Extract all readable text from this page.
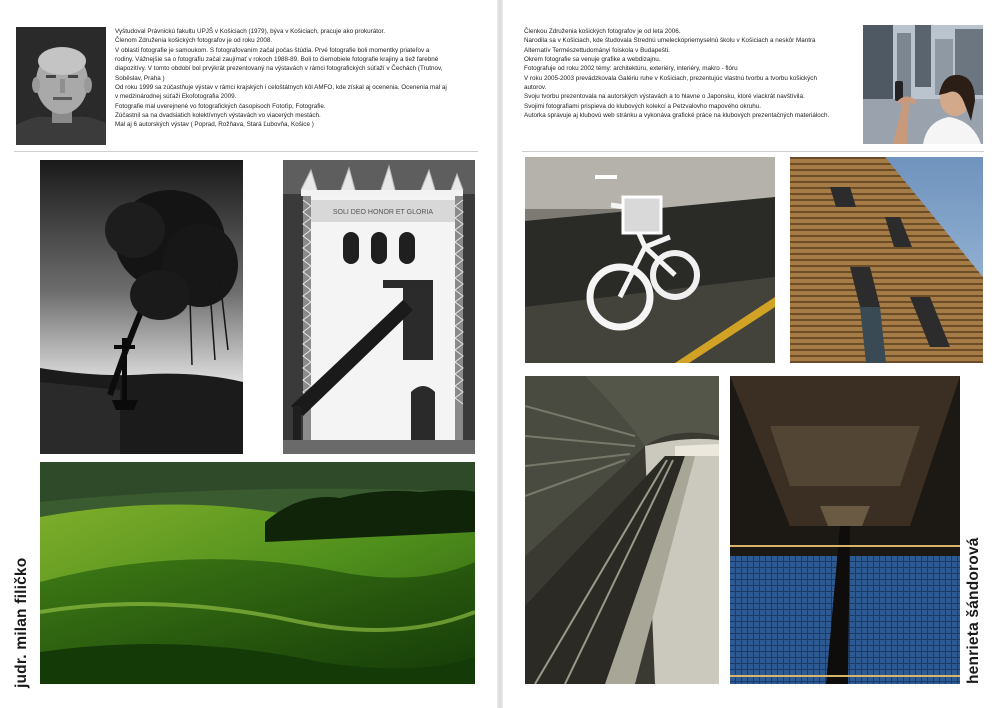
Vyštudoval Právnickú fakultu UPJŠ v Košiciach (1979), býva v Košiciach, pracuje ako prokurátor.
Členom Združenia košických fotografov je od roku 2008.
V oblasti fotografie je samoukom. S fotografovaním začal počas štúdia. Prvé fotografie boli momentky priateľov a
rodiny. Vážnejšie sa o fotografiu začal zaujímať v rokoch 1988-89. Boli to čiernobiele fotografie krajiny a tiež farebné
diapozitívy. V tomto období bol prvýkrát prezentovaný na výstavách v rámci fotografických súťaží v Čechách (Trutnov,
Soběslav, Praha )
Od roku 1999 sa zúčastňuje výstav v rámci krajských i celoštátnych kôl AMFO, kde získal aj ocenenia. Ocenenia mal aj
v medzinárodnej súťaži Ekofotografia 2009.
Fotografie mal uverejnené vo fotografických časopisoch Fotoťip, Fotografie.
Zúčastnil sa na dvadsiatich kolektívnych výstavách vo viacerých mestách.
Mal aj 6 autorských výstav ( Poprad, Rožňava, Stará Ľubovňa, Košice )
SOLI DEO HONOR ET GLORIA
judr. milan filičko
Členkou Združenia košických fotografov je od leta 2006.
Narodila sa v Košiciach, kde študovala Strednú umeleckopriemyselnú školu v Košiciach a neskôr Mantra
Alternatív Természettudományi foiskola v Budapešti.
Okrem fotografie sa venuje grafike a webdizajnu.
Fotografuje od roku 2002 témy: architektúru, exteriéry, interiéry, makro - flóru
V roku 2005-2003 prevádzkovala Galériu ruhe v Košiciach, prezentujúc vlastnú tvorbu a tvorbu košických
autorov.
Svoju tvorbu prezentovala na autorských výstavách a to hlavne o Japonsku, ktoré viackrát navštívila.
Svojimi fotografiami prispieva do klubových kolekcí a Petzvalovho mapového okruhu.
Autorka spravuje aj klubovú web stránku a vykonáva grafické práce na klubových prezentačných materiáloch.
henrieta šándorová
